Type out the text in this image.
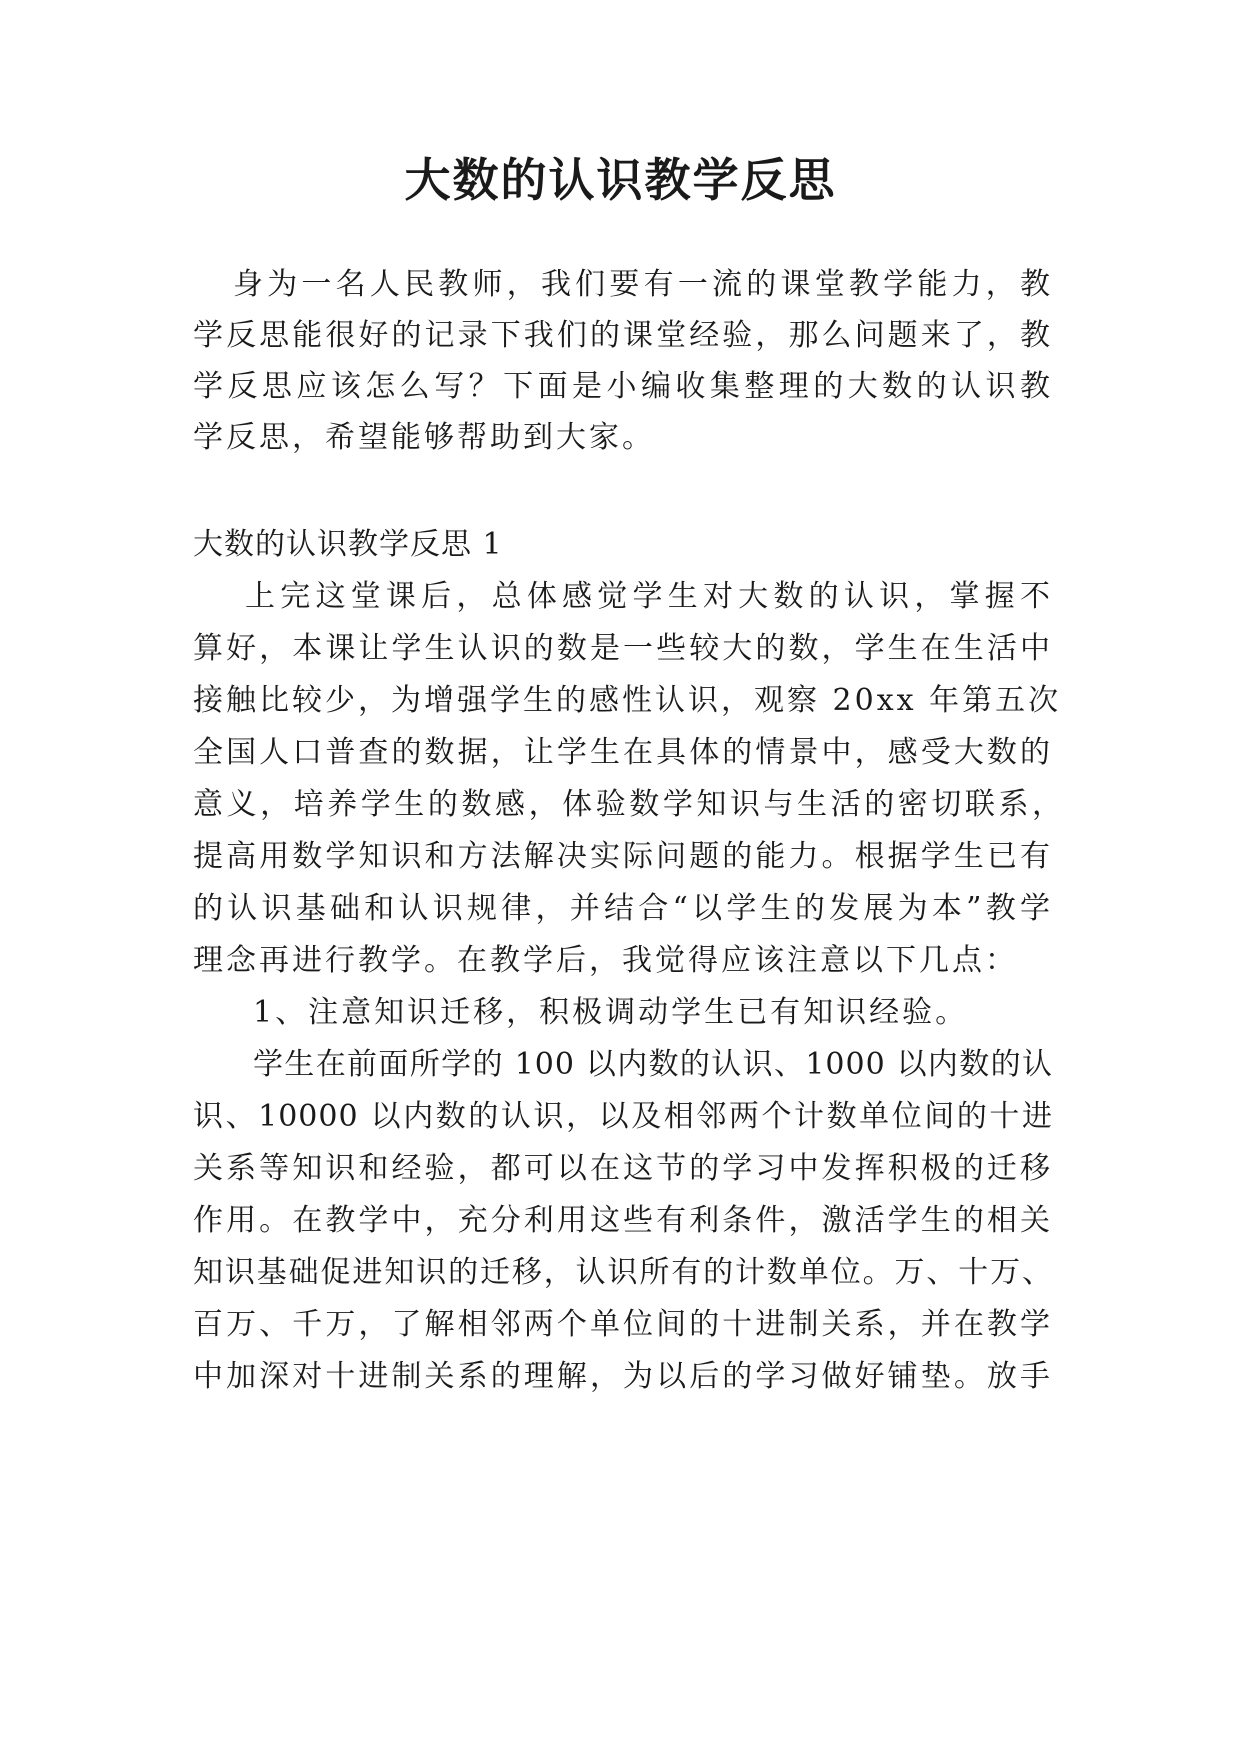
大数的认识教学反思

身为一名人民教师，我们要有一流的课堂教学能力，教

学反思能很好的记录下我们的课堂经验，那么问题来了，教

学反思应该怎么写？下面是小编收集整理的大数的认识教

学反思，希望能够帮助到大家。

大数的认识教学反思 1

上完这堂课后，总体感觉学生对大数的认识，掌握不

算好，本课让学生认识的数是一些较大的数，学生在生活中

接触比较少，为增强学生的感性认识，观察 20xx 年第五次

全国人口普查的数据，让学生在具体的情景中，感受大数的

意义，培养学生的数感，体验数学知识与生活的密切联系，

提高用数学知识和方法解决实际问题的能力。根据学生已有

的认识基础和认识规律，并结合“以学生的发展为本”教学

理念再进行教学。在教学后，我觉得应该注意以下几点：

1、注意知识迁移，积极调动学生已有知识经验。

学生在前面所学的 100 以内数的认识、1000 以内数的认

识、10000 以内数的认识，以及相邻两个计数单位间的十进

关系等知识和经验，都可以在这节的学习中发挥积极的迁移

作用。在教学中，充分利用这些有利条件，激活学生的相关

知识基础促进知识的迁移，认识所有的计数单位。万、十万、

百万、千万，了解相邻两个单位间的十进制关系，并在教学

中加深对十进制关系的理解，为以后的学习做好铺垫。放手
